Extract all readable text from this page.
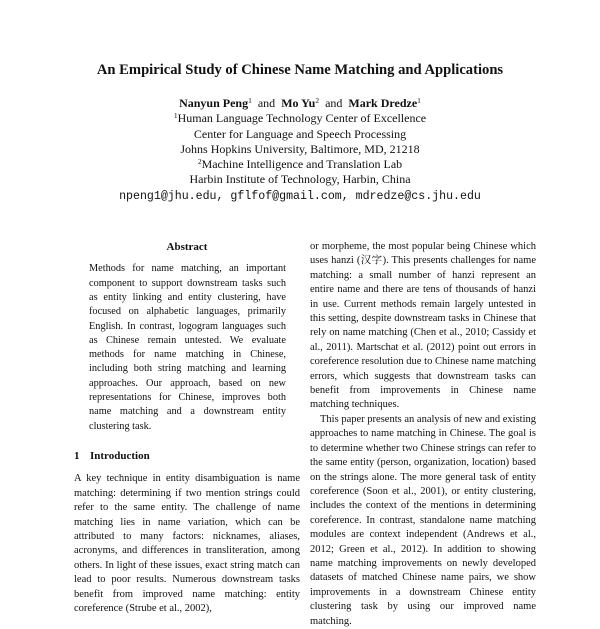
An Empirical Study of Chinese Name Matching and Applications
Nanyun Peng$^1$ and Mo Yu$^2$ and Mark Dredze$^1$
$^1$Human Language Technology Center of Excellence
Center for Language and Speech Processing
Johns Hopkins University, Baltimore, MD, 21218
$^2$Machine Intelligence and Translation Lab
Harbin Institute of Technology, Harbin, China
npeng1@jhu.edu, gflfof@gmail.com, mdredze@cs.jhu.edu
Abstract

Methods for name matching, an important component to support downstream tasks such as entity linking and entity clustering, have focused on alphabetic languages, primarily English. In contrast, logogram languages such as Chinese remain untested. We evaluate methods for name matching in Chinese, including both string matching and learning approaches. Our approach, based on new representations for Chinese, improves both name matching and a downstream entity clustering task.

1 Introduction

A key technique in entity disambiguation is name matching: determining if two mention strings could refer to the same entity. The challenge of name matching lies in name variation, which can be attributed to many factors: nicknames, aliases, acronyms, and differences in transliteration, among others. In light of these issues, exact string match can lead to poor results. Numerous downstream tasks benefit from improved name matching: entity coreference (Strube et al., 2002),

or morpheme, the most popular being Chinese which uses hanzi (汉字). This presents challenges for name matching: a small number of hanzi represent an entire name and there are tens of thousands of hanzi in use. Current methods remain largely untested in this setting, despite downstream tasks in Chinese that rely on name matching (Chen et al., 2010; Cassidy et al., 2011). Martschat et al. (2012) point out errors in coreference resolution due to Chinese name matching errors, which suggests that downstream tasks can benefit from improvements in Chinese name matching techniques.

This paper presents an analysis of new and existing approaches to name matching in Chinese. The goal is to determine whether two Chinese strings can refer to the same entity (person, organization, location) based on the strings alone. The more general task of entity coreference (Soon et al., 2001), or entity clustering, includes the context of the mentions in determining coreference. In contrast, standalone name matching modules are context independent (Andrews et al., 2012; Green et al., 2012). In addition to showing name matching improvements on newly developed datasets of matched Chinese name pairs, we show improvements in a downstream Chinese entity clustering task by using our improved name matching.
